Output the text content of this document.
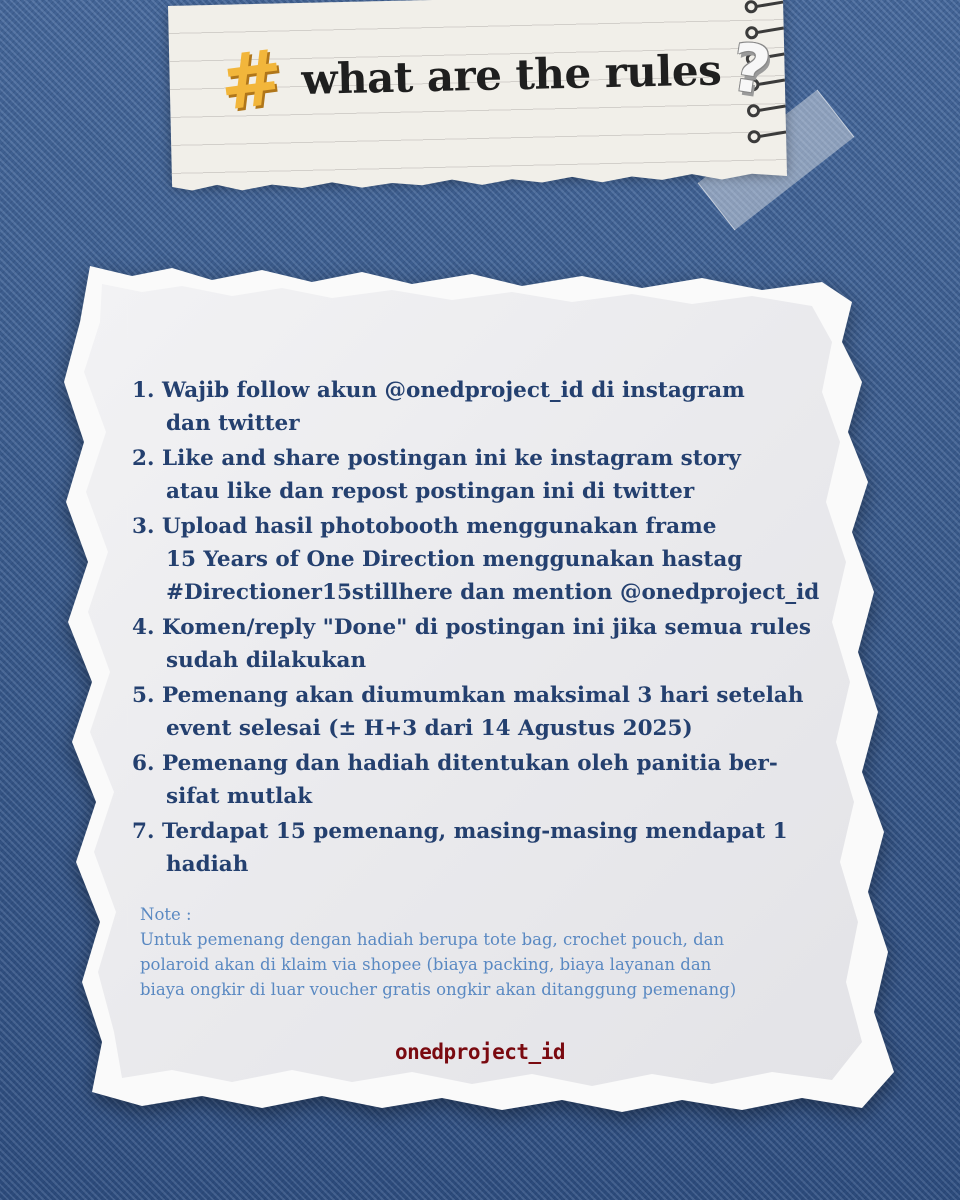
# what are the rules ?
1. Wajib follow akun @onedproject_id di instagram
dan twitter
2. Like and share postingan ini ke instagram story
atau like dan repost postingan ini di twitter
3. Upload hasil photobooth menggunakan frame
15 Years of One Direction menggunakan hastag
#Directioner15stillhere dan mention @onedproject_id
4. Komen/reply "Done" di postingan ini jika semua rules
sudah dilakukan
5. Pemenang akan diumumkan maksimal 3 hari setelah
event selesai (± H+3 dari 14 Agustus 2025)
6. Pemenang dan hadiah ditentukan oleh panitia ber-
sifat mutlak
7. Terdapat 15 pemenang, masing-masing mendapat 1
hadiah
Note :
Untuk pemenang dengan hadiah berupa tote bag, crochet pouch, dan
polaroid akan di klaim via shopee (biaya packing, biaya layanan dan
biaya ongkir di luar voucher gratis ongkir akan ditanggung pemenang)
onedproject_id
